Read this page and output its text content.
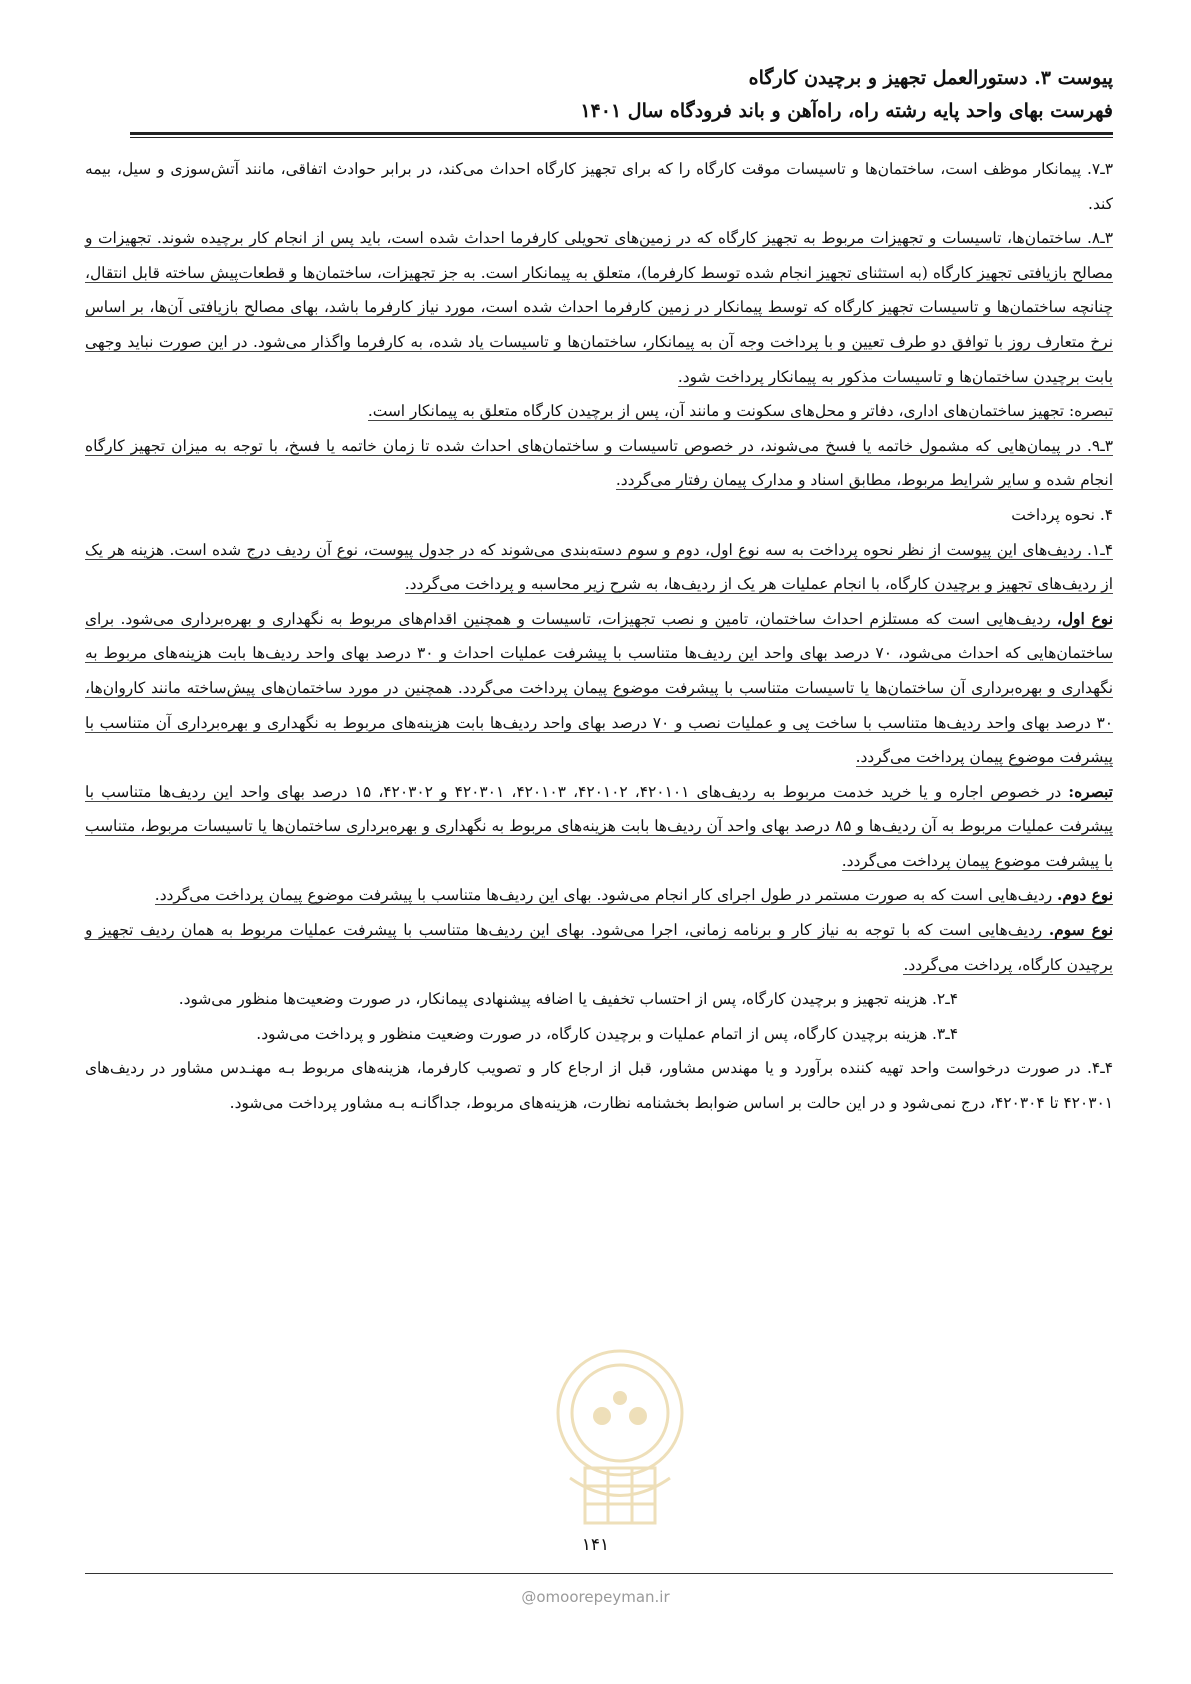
پیوست ۳. دستورالعمل تجهیز و برچیدن کارگاه
فهرست بهای واحد پایه رشته راه، راه‌آهن و باند فرودگاه سال ۱۴۰۱

۳ـ۷. پیمانکار موظف است، ساختمان‌ها و تاسیسات موقت کارگاه را که برای تجهیز کارگاه احداث می‌کند، در برابر حوادث اتفاقی، مانند آتش‌سوزی و سیل، بیمه کند.

۳ـ۸. ساختمان‌ها، تاسیسات و تجهیزات مربوط به تجهیز کارگاه که در زمین‌های تحویلی کارفرما احداث شده است، باید پس از انجام کار برچیده شوند. تجهیزات و مصالح بازیافتی تجهیز کارگاه (به استثنای تجهیز انجام شده توسط کارفرما)، متعلق به پیمانکار است. به جز تجهیزات، ساختمان‌ها و قطعات‌پیش ساخته قابل انتقال، چنانچه ساختمان‌ها و تاسیسات تجهیز کارگاه که توسط پیمانکار در زمین کارفرما احداث شده است، مورد نیاز کارفرما باشد، بهای مصالح بازیافتی آن‌ها، بر اساس نرخ متعارف روز با توافق دو طرف تعیین و با پرداخت وجه آن به پیمانکار، ساختمان‌ها و تاسیسات یاد شده، به کارفرما واگذار می‌شود. در این صورت نباید وجهی بابت برچیدن ساختمان‌ها و تاسیسات مذکور به پیمانکار پرداخت شود.

تبصره: تجهیز ساختمان‌های اداری، دفاتر و محل‌های سکونت و مانند آن، پس از برچیدن کارگاه متعلق به پیمانکار است.

۳ـ۹. در پیمان‌هایی که مشمول خاتمه یا فسخ می‌شوند، در خصوص تاسیسات و ساختمان‌های احداث شده تا زمان خاتمه یا فسخ، با توجه به میزان تجهیز کارگاه انجام شده و سایر شرایط مربوط، مطابق اسناد و مدارک پیمان رفتار می‌گردد.

۴. نحوه پرداخت

۴ـ۱. ردیف‌های این پیوست از نظر نحوه پرداخت به سه نوع اول، دوم و سوم دسته‌بندی می‌شوند که در جدول پیوست، نوع آن ردیف درج شده است. هزینه هر یک از ردیف‌های تجهیز و برچیدن کارگاه، با انجام عملیات هر یک از ردیف‌ها، به شرح زیر محاسبه و پرداخت می‌گردد.

نوع اول، ردیف‌هایی است که مستلزم احداث ساختمان، تامین و نصب تجهیزات، تاسیسات و همچنین اقدام‌های مربوط به نگهداری و بهره‌برداری می‌شود. برای ساختمان‌هایی که احداث می‌شود، ۷۰ درصد بهای واحد این ردیف‌ها متناسب با پیشرفت عملیات احداث و ۳۰ درصد بهای واحد ردیف‌ها بابت هزینه‌های مربوط به نگهداری و بهره‌برداری آن ساختمان‌ها یا تاسیسات متناسب با پیشرفت موضوع پیمان پرداخت می‌گردد. همچنین در مورد ساختمان‌های پیش‌ساخته مانند کاروان‌ها، ۳۰ درصد بهای واحد ردیف‌ها متناسب با ساخت پی و عملیات نصب و ۷۰ درصد بهای واحد ردیف‌ها بابت هزینه‌های مربوط به نگهداری و بهره‌برداری آن متناسب با پیشرفت موضوع پیمان پرداخت می‌گردد.

تبصره: در خصوص اجاره و یا خرید خدمت مربوط به ردیف‌های ۴۲۰۱۰۱، ۴۲۰۱۰۲، ۴۲۰۱۰۳، ۴۲۰۳۰۱ و ۴۲۰۳۰۲، ۱۵ درصد بهای واحد این ردیف‌ها متناسب با پیشرفت عملیات مربوط به آن ردیف‌ها و ۸۵ درصد بهای واحد آن ردیف‌ها بابت هزینه‌های مربوط به نگهداری و بهره‌برداری ساختمان‌ها یا تاسیسات مربوط، متناسب با پیشرفت موضوع پیمان پرداخت می‌گردد.

نوع دوم. ردیف‌هایی است که به صورت مستمر در طول اجرای کار انجام می‌شود. بهای این ردیف‌ها متناسب با پیشرفت موضوع پیمان پرداخت می‌گردد.

نوع سوم. ردیف‌هایی است که با توجه به نیاز کار و برنامه زمانی، اجرا می‌شود. بهای این ردیف‌ها متناسب با پیشرفت عملیات مربوط به همان ردیف تجهیز و برچیدن کارگاه، پرداخت می‌گردد.

۴ـ۲. هزینه تجهیز و برچیدن کارگاه، پس از احتساب تخفیف یا اضافه پیشنهادی پیمانکار، در صورت وضعیت‌ها منظور می‌شود.

۴ـ۳. هزینه برچیدن کارگاه، پس از اتمام عملیات و برچیدن کارگاه، در صورت وضعیت منظور و پرداخت می‌شود.

۴ـ۴. در صورت درخواست واحد تهیه کننده برآورد و یا مهندس مشاور، قبل از ارجاع کار و تصویب کارفرما، هزینه‌های مربوط بـه مهنـدس مشاور در ردیف‌های ۴۲۰۳۰۱ تا ۴۲۰۳۰۴، درج نمی‌شود و در این حالت بر اساس ضوابط بخشنامه نظارت، هزینه‌های مربوط، جداگانـه بـه مشاور پرداخت می‌شود.

۱۴۱
@omoorepeyman.ir
